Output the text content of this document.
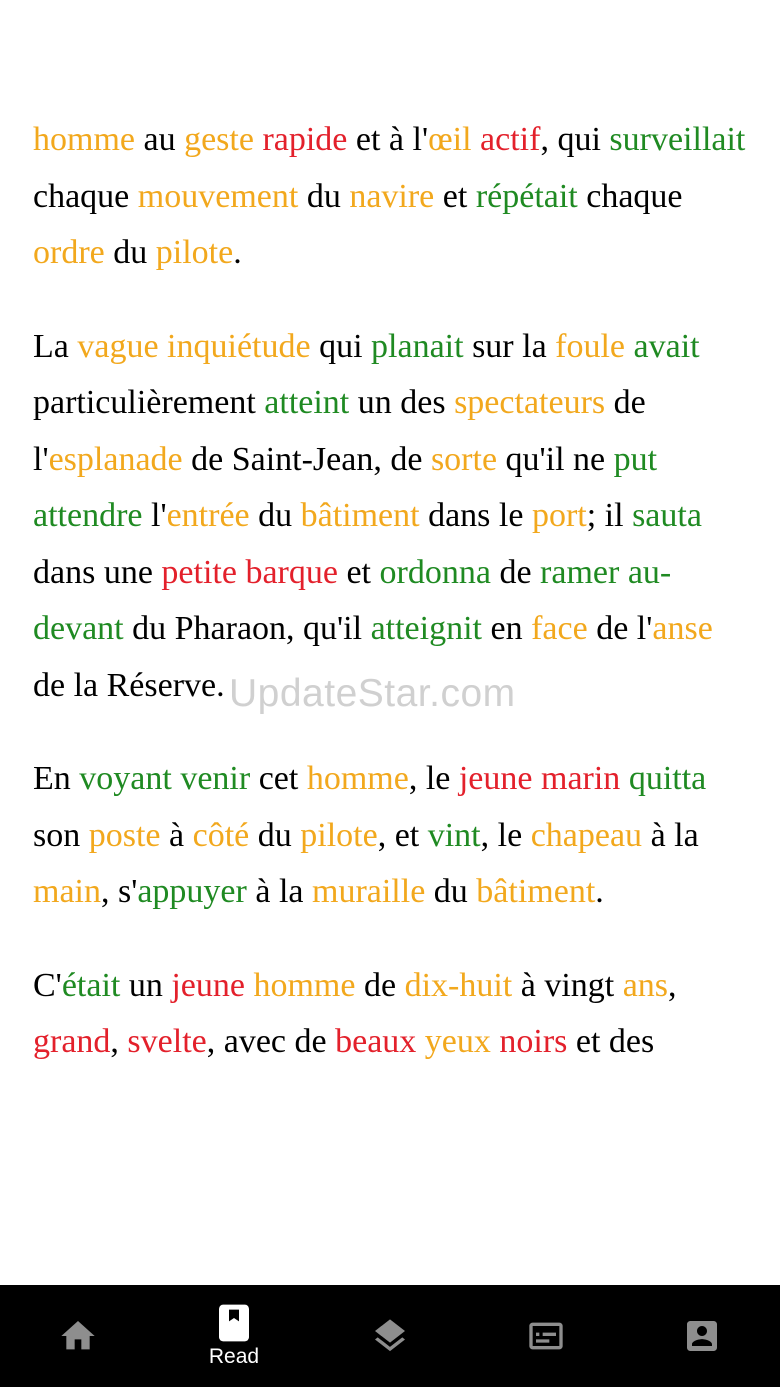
homme au geste rapide et à l'œil actif, qui surveillait chaque mouvement du navire et répétait chaque ordre du pilote.

La vague inquiétude qui planait sur la foule avait particulièrement atteint un des spectateurs de l'esplanade de Saint-Jean, de sorte qu'il ne put attendre l'entrée du bâtiment dans le port; il sauta dans une petite barque et ordonna de ramer au-devant du Pharaon, qu'il atteignit en face de l'anse de la Réserve.

En voyant venir cet homme, le jeune marin quitta son poste à côté du pilote, et vint, le chapeau à la main, s'appuyer à la muraille du bâtiment.

C'était un jeune homme de dix-huit à vingt ans, grand, svelte, avec de beaux yeux noirs et des

UpdateStar.com
Read
